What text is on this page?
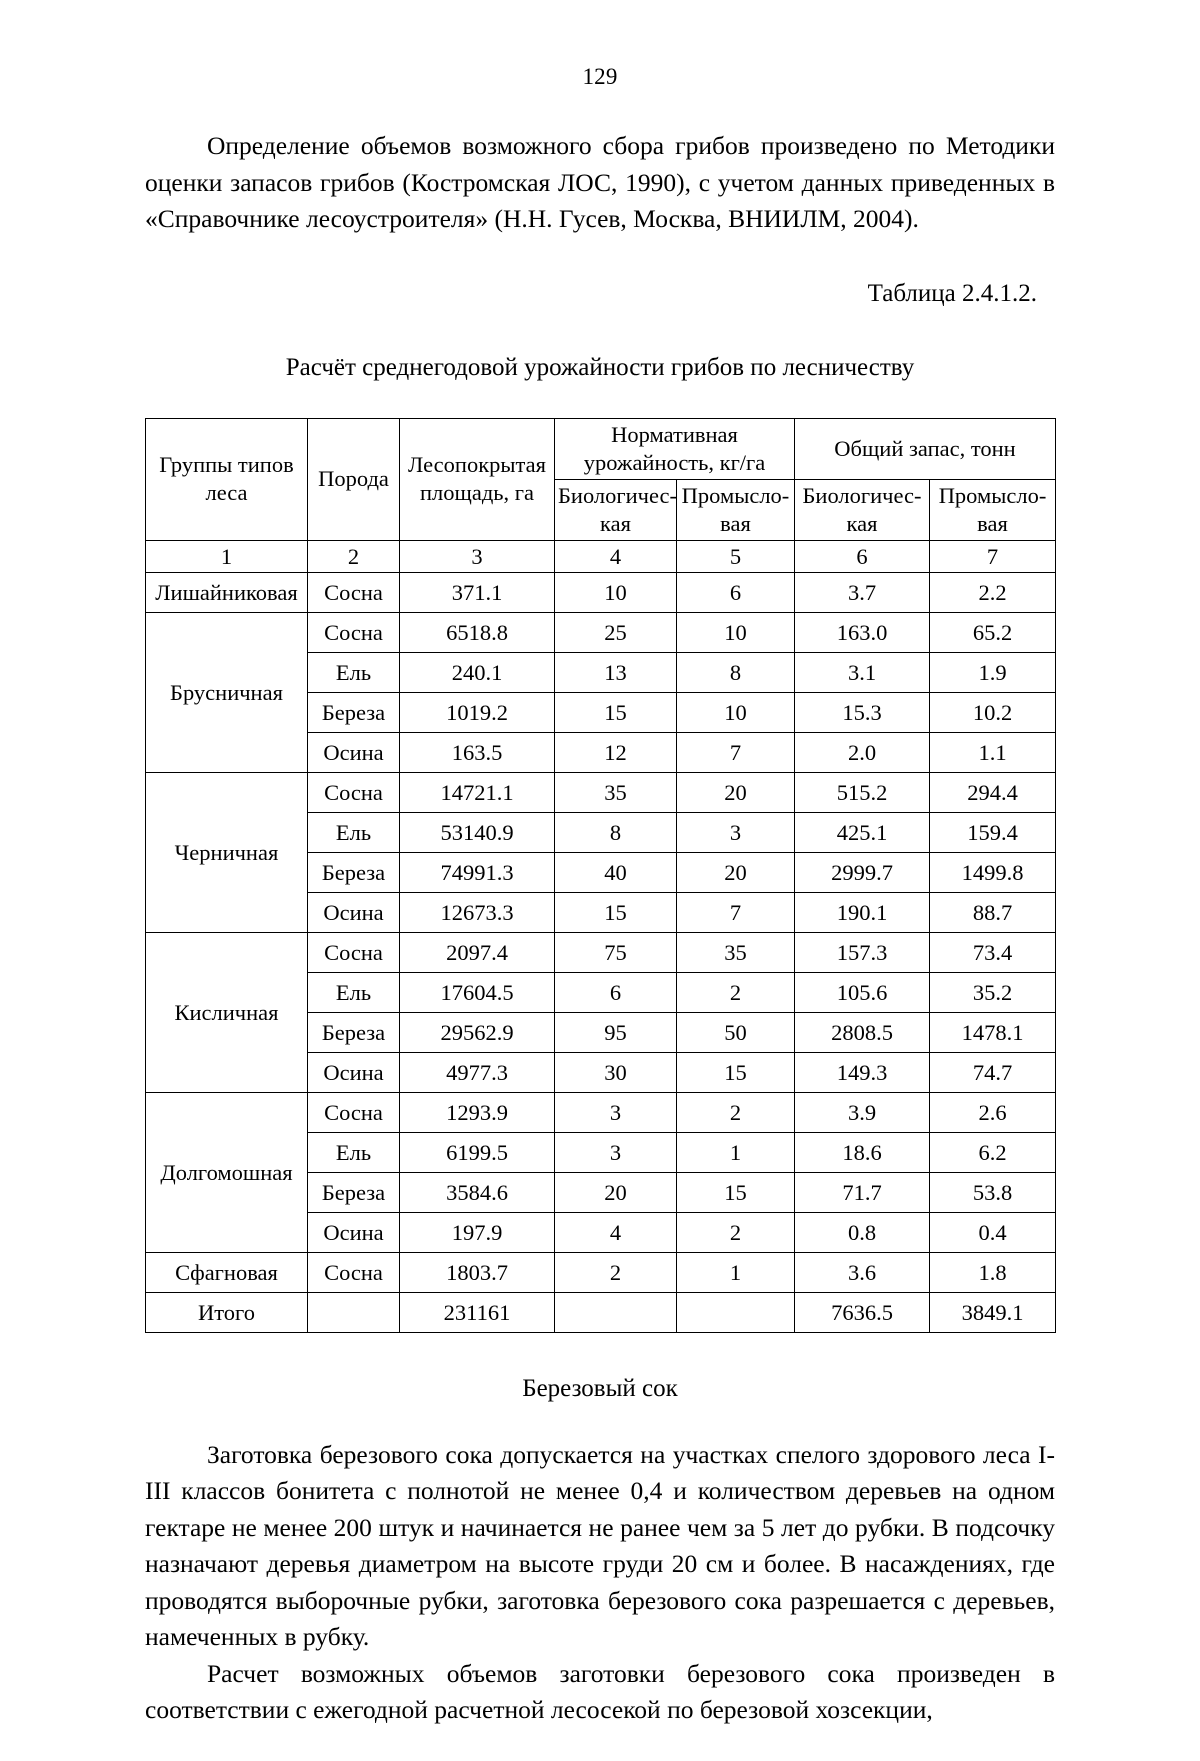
129

Определение объемов возможного сбора грибов произведено по Методики оценки запасов грибов (Костромская ЛОС, 1990), с учетом данных приведенных в «Справочнике лесоустроителя» (Н.Н. Гусев, Москва, ВНИИЛМ, 2004).

Таблица 2.4.1.2.
Расчёт среднегодовой урожайности грибов по лесничеству
Группы типов леса	Порода	Лесопокрытая площадь, га	Нормативная урожайность, кг/га		Общий запас, тонн	
			Биологичес-кая	Промысло-вая	Биологичес-кая	Промысло-вая
1	2	3	4	5	6	7
Лишайниковая	Сосна	371.1	10	6	3.7	2.2
Брусничная	Сосна	6518.8	25	10	163.0	65.2
	Ель	240.1	13	8	3.1	1.9
	Береза	1019.2	15	10	15.3	10.2
	Осина	163.5	12	7	2.0	1.1
Черничная	Сосна	14721.1	35	20	515.2	294.4
	Ель	53140.9	8	3	425.1	159.4
	Береза	74991.3	40	20	2999.7	1499.8
	Осина	12673.3	15	7	190.1	88.7
Кисличная	Сосна	2097.4	75	35	157.3	73.4
	Ель	17604.5	6	2	105.6	35.2
	Береза	29562.9	95	50	2808.5	1478.1
	Осина	4977.3	30	15	149.3	74.7
Долгомошная	Сосна	1293.9	3	2	3.9	2.6
	Ель	6199.5	3	1	18.6	6.2
	Береза	3584.6	20	15	71.7	53.8
	Осина	197.9	4	2	0.8	0.4
Сфагновая	Сосна	1803.7	2	1	3.6	1.8
Итого		231161			7636.5	3849.1
Березовый сок

Заготовка березового сока допускается на участках спелого здорового леса I-III классов бонитета с полнотой не менее 0,4 и количеством деревьев на одном гектаре не менее 200 штук и начинается не ранее чем за 5 лет до рубки. В подсочку назначают деревья диаметром на высоте груди 20 см и более. В насаждениях, где проводятся выборочные рубки, заготовка березового сока разрешается с деревьев, намеченных в рубку.

Расчет возможных объемов заготовки березового сока произведен в соответствии с ежегодной расчетной лесосекой по березовой хозсекции,
